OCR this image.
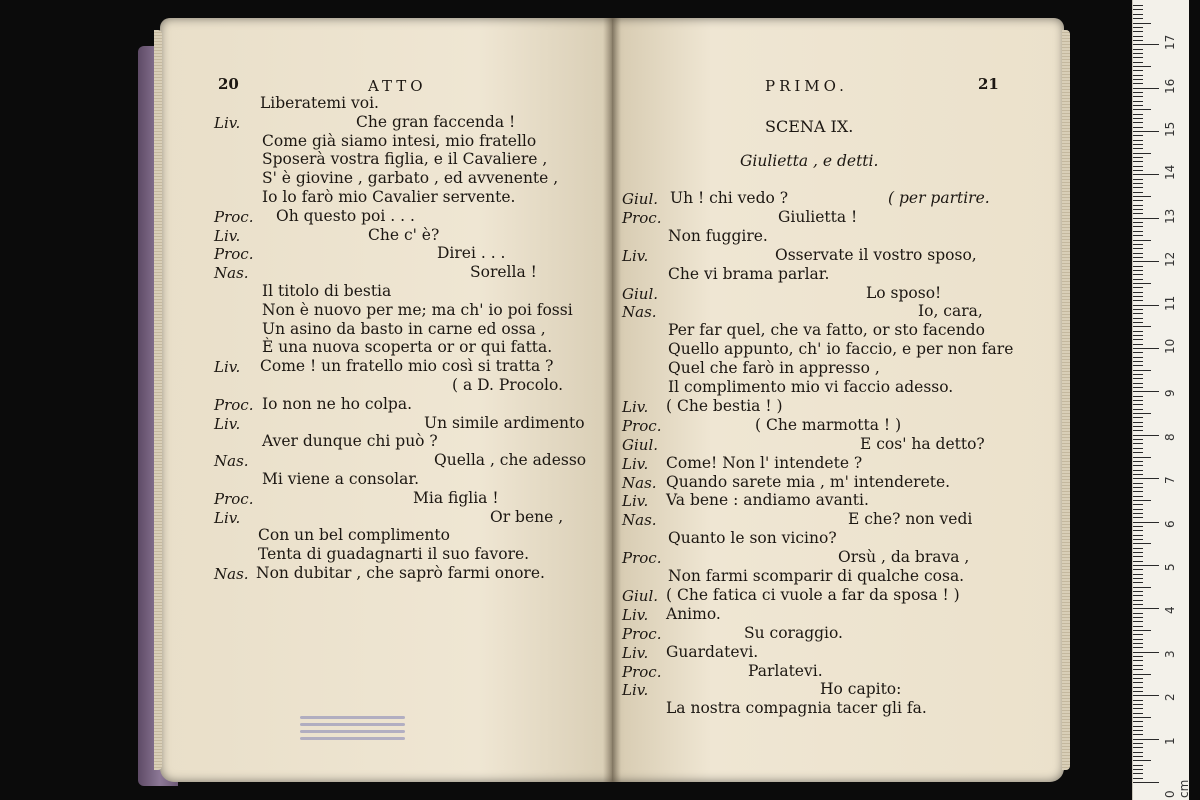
20	ATTO	PRIMO.	21
SCENA IX.
Giulietta , e detti.
Liberatemi voi.
Liv.	Che gran faccenda !
Come già siamo intesi, mio fratello
Sposerà vostra figlia, e il Cavaliere ,
S' è giovine , garbato , ed avvenente ,
Io lo farò mio Cavalier servente.
Proc. Oh questo poi . . .
Liv.	Che c' è?
Proc.	Direi . . .
Nas.	Sorella !
Il titolo di bestia
Non è nuovo per me; ma ch' io poi fossi
Un asino da basto in carne ed ossa ,
È una nuova scoperta or or qui fatta.
Liv. Come ! un fratello mio così si tratta ?
( a D. Procolo.
Proc. Io non ne ho colpa.
Liv.	Un simile ardimento
Aver dunque chi può ?
Nas.	Quella , che adesso
Mi viene a consolar.
Proc.	Mia figlia !
Liv.	Or bene ,
Con un bel complimento
Tenta di guadagnarti il suo favore.
Nas. Non dubitar , che saprò farmi onore.
Giul. Uh ! chi vedo ?	( per partire.
Proc.	Giulietta !
Non fuggire.
Liv.	Osservate il vostro sposo,
Che vi brama parlar.
Giul.	Lo sposo!
Nas.	Io, cara,
Per far quel, che va fatto, or sto facendo
Quello appunto, ch' io faccio, e per non fare
Quel che farò in appresso ,
Il complimento mio vi faccio adesso.
Liv. ( Che bestia ! )
Proc.	( Che marmotta ! )
Giul.	E cos' ha detto?
Liv. Come! Non l' intendete ?
Nas. Quando sarete mia , m' intenderete.
Liv. Va bene : andiamo avanti.
Nas.	E che? non vedi
Quanto le son vicino?
Proc.	Orsù , da brava ,
Non farmi scomparir di qualche cosa.
Giul. ( Che fatica ci vuole a far da sposa ! )
Liv. Animo.
Proc.	Su coraggio.
Liv. Guardatevi.
Proc.	Parlatevi.
Liv.	Ho capito:
La nostra compagnia tacer gli fa.
0 cm
1
2
3
4
5
6
7
8
9
10
11
12
13
14
15
16
17
